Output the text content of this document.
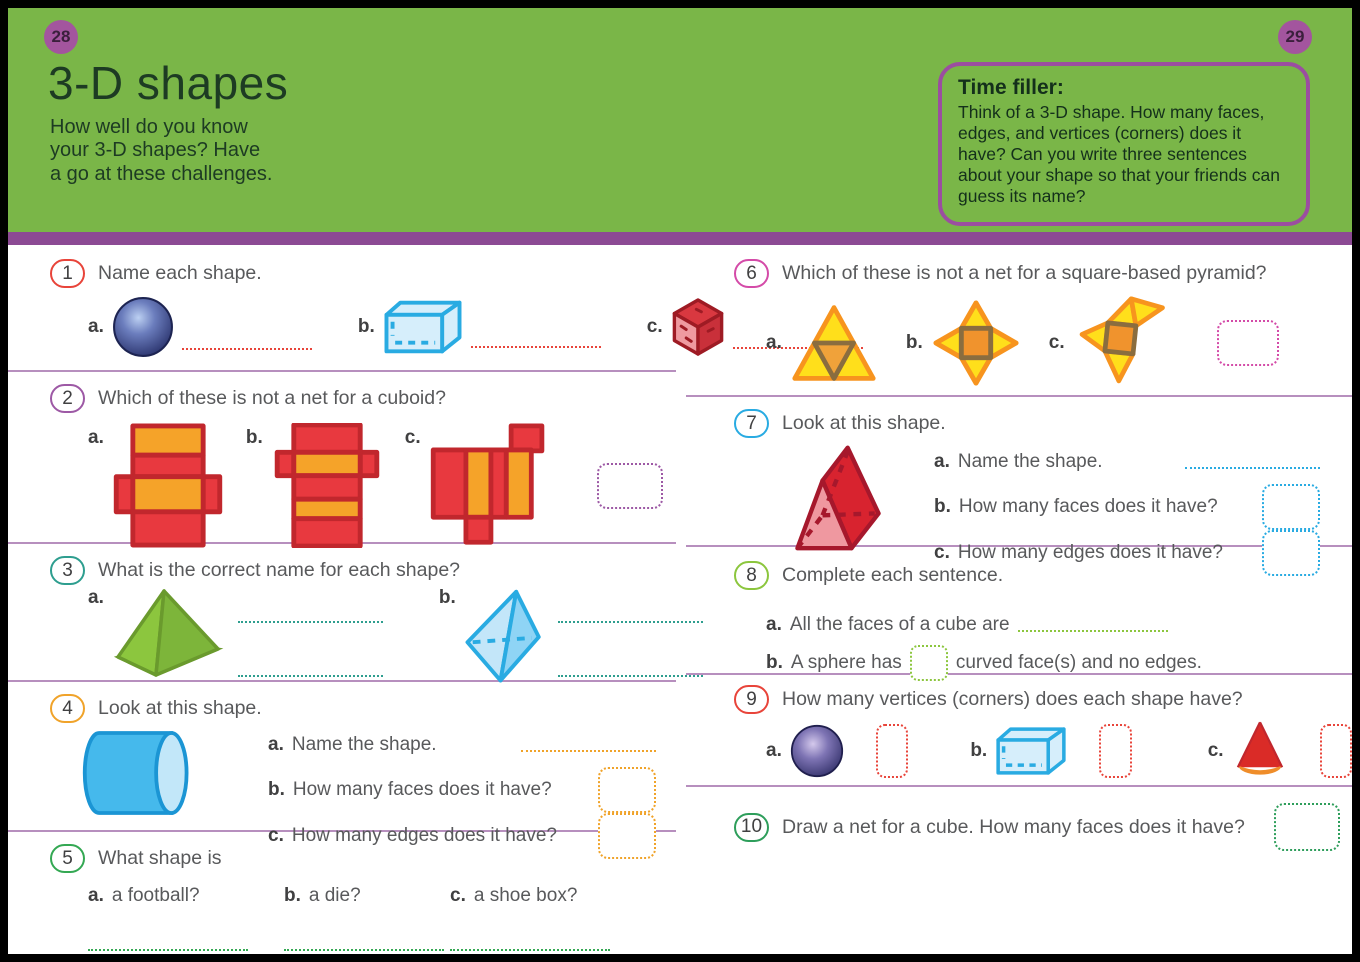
28	29
3-D shapes

How well do you know your 3-D shapes? Have a go at these challenges.

Time filler:

Think of a 3-D shape. How many faces, edges, and vertices (corners) does it have? Can you write three sentences about your shape so that your friends can guess its name?

1	Name each shape.
a.	b.	c.
2	Which of these is not a net for a cuboid?
a.	b.	c.
3	What is the correct name for each shape?
a.	b.
4	Look at this shape.
a. Name the shape.
b. How many faces does it have?
c. How many edges does it have?
5	What shape is
a. a football?	b. a die?	c. a shoe box?
6	Which of these is not a net for a square-based pyramid?
a.	b.	c.
7	Look at this shape.
a. Name the shape.
b. How many faces does it have?
c. How many edges does it have?
8	Complete each sentence.
a. All the faces of a cube are
b. A sphere has	curved face(s) and no edges.
9	How many vertices (corners) does each shape have?
a.	b.	c.
10	Draw a net for a cube. How many faces does it have?
